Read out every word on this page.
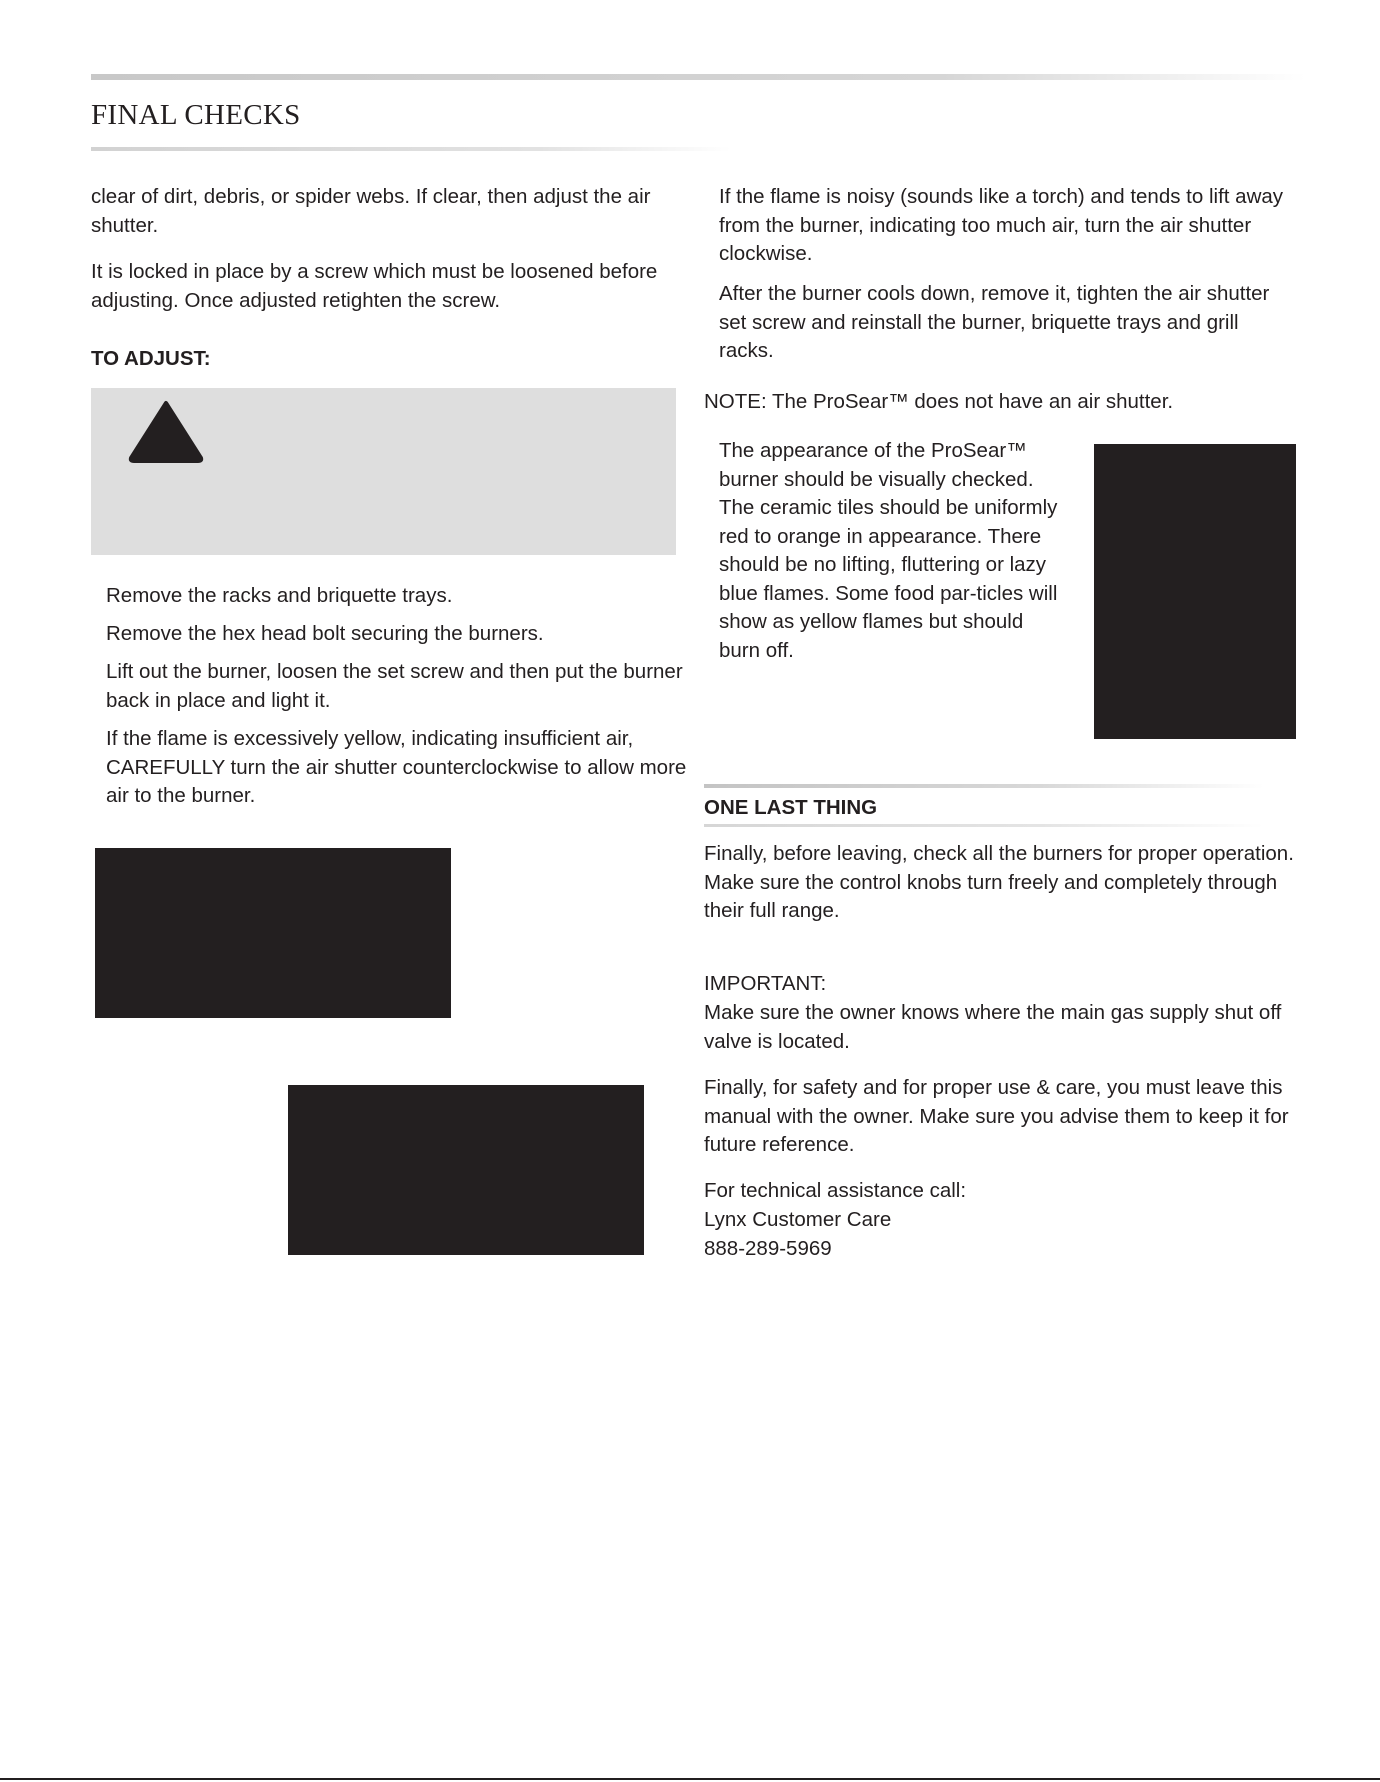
FINAL CHECKS
clear of dirt, debris, or spider webs. If clear, then adjust the air shutter.
It is locked in place by a screw which must be loosened before adjusting. Once adjusted retighten the screw.
TO ADJUST:
Remove the racks and briquette trays.
Remove the hex head bolt securing the burners.
Lift out the burner, loosen the set screw and then put the burner back in place and light it.
If the flame is excessively yellow, indicating insufficient air, CAREFULLY turn the air shutter counterclockwise to allow more air to the burner.
If the flame is noisy (sounds like a torch) and tends to lift away from the burner, indicating too much air, turn the air shutter clockwise.
After the burner cools down, remove it, tighten the air shutter set screw and reinstall the burner, briquette trays and grill racks.
NOTE: The ProSear™ does not have an air shutter.
The appearance of the ProSear™ burner should be visually checked. The ceramic tiles should be uniformly red to orange in appearance. There should be no lifting, fluttering or lazy blue flames. Some food par-ticles will show as yellow flames but should burn off.
ONE LAST THING
Finally, before leaving, check all the burners for proper operation. Make sure the control knobs turn freely and completely through their full range.
IMPORTANT:
Make sure the owner knows where the main gas supply shut off valve is located.
Finally, for safety and for proper use & care, you must leave this manual with the owner. Make sure you advise them to keep it for future reference.
For technical assistance call:
Lynx Customer Care
888-289-5969
